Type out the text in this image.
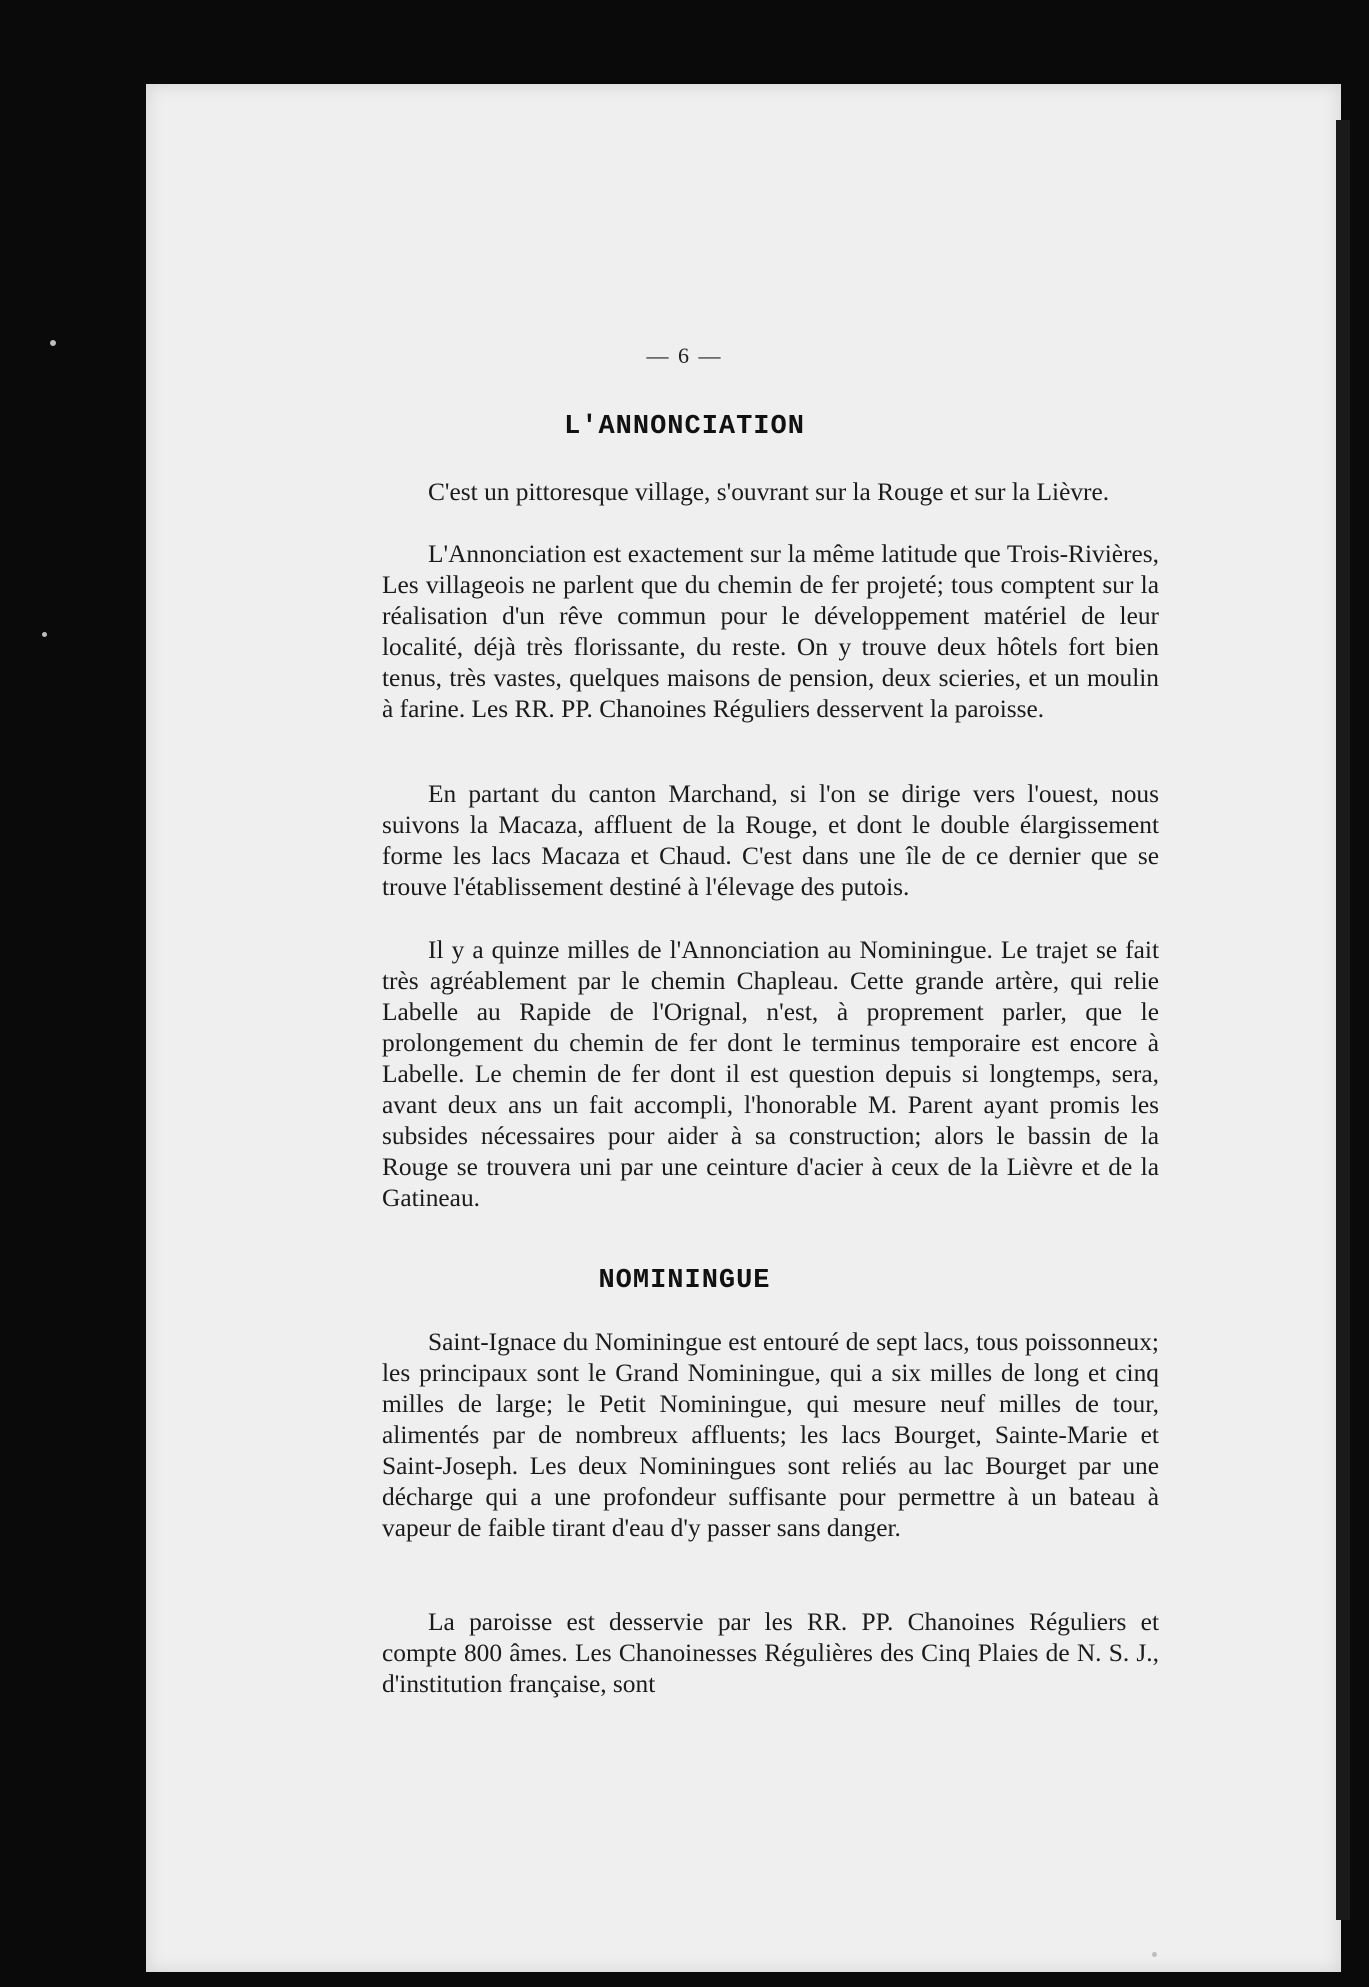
— 6 —
L'ANNONCIATION

C'est un pittoresque village, s'ouvrant sur la Rouge et sur la Lièvre.

L'Annonciation est exactement sur la même latitude que Trois-Rivières, Les villageois ne parlent que du chemin de fer projeté; tous comptent sur la réalisation d'un rêve commun pour le développement matériel de leur localité, déjà très florissante, du reste. On y trouve deux hôtels fort bien tenus, très vastes, quelques maisons de pension, deux scieries, et un moulin à farine. Les RR. PP. Chanoines Réguliers desservent la paroisse.

En partant du canton Marchand, si l'on se dirige vers l'ouest, nous suivons la Macaza, affluent de la Rouge, et dont le double élargissement forme les lacs Macaza et Chaud. C'est dans une île de ce dernier que se trouve l'établissement destiné à l'élevage des putois.

Il y a quinze milles de l'Annonciation au Nominingue. Le trajet se fait très agréablement par le chemin Chapleau. Cette grande artère, qui relie Labelle au Rapide de l'Orignal, n'est, à proprement parler, que le prolongement du chemin de fer dont le terminus temporaire est encore à Labelle. Le chemin de fer dont il est question depuis si longtemps, sera, avant deux ans un fait accompli, l'honorable M. Parent ayant promis les subsides nécessaires pour aider à sa construction; alors le bassin de la Rouge se trouvera uni par une ceinture d'acier à ceux de la Lièvre et de la Gatineau.

NOMININGUE

Saint-Ignace du Nominingue est entouré de sept lacs, tous poissonneux; les principaux sont le Grand Nominingue, qui a six milles de long et cinq milles de large; le Petit Nominingue, qui mesure neuf milles de tour, alimentés par de nombreux affluents; les lacs Bourget, Sainte-Marie et Saint-Joseph. Les deux Nominingues sont reliés au lac Bourget par une décharge qui a une profondeur suffisante pour permettre à un bateau à vapeur de faible tirant d'eau d'y passer sans danger.

La paroisse est desservie par les RR. PP. Chanoines Réguliers et compte 800 âmes. Les Chanoinesses Régulières des Cinq Plaies de N. S. J., d'institution française, sont
